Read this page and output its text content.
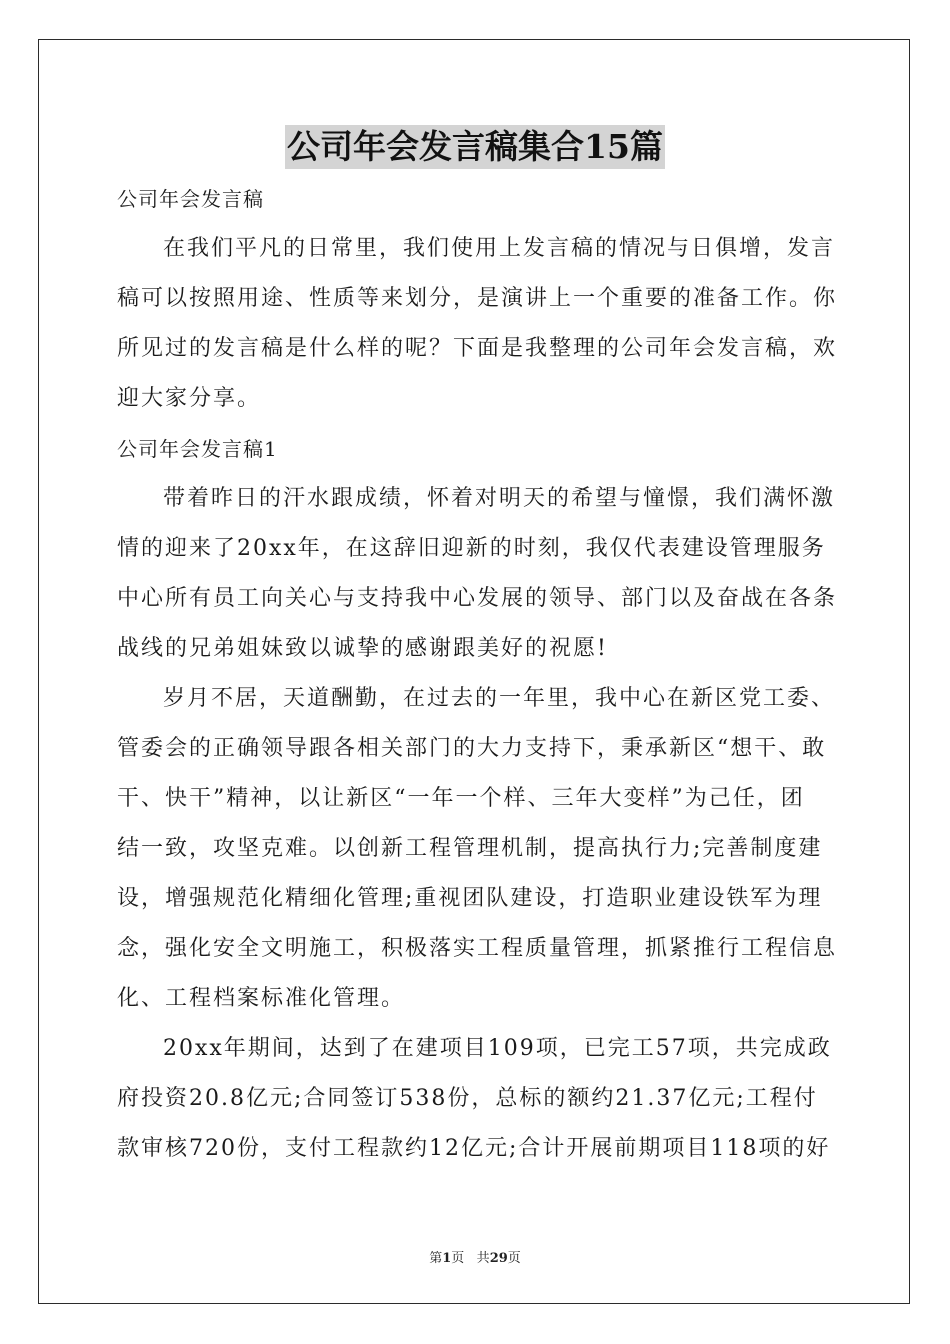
公司年会发言稿集合15篇
公司年会发言稿

在我们平凡的日常里，我们使用上发言稿的情况与日俱增，发言
稿可以按照用途、性质等来划分，是演讲上一个重要的准备工作。你
所见过的发言稿是什么样的呢？下面是我整理的公司年会发言稿，欢
迎大家分享。

公司年会发言稿1

带着昨日的汗水跟成绩，怀着对明天的希望与憧憬，我们满怀激
情的迎来了20xx年，在这辞旧迎新的时刻，我仅代表建设管理服务
中心所有员工向关心与支持我中心发展的领导、部门以及奋战在各条
战线的兄弟姐妹致以诚挚的感谢跟美好的祝愿!

岁月不居，天道酬勤，在过去的一年里，我中心在新区党工委、
管委会的正确领导跟各相关部门的大力支持下，秉承新区“想干、敢
干、快干”精神，以让新区“一年一个样、三年大变样”为己任，团
结一致，攻坚克难。以创新工程管理机制，提高执行力;完善制度建
设，增强规范化精细化管理;重视团队建设，打造职业建设铁军为理
念，强化安全文明施工，积极落实工程质量管理，抓紧推行工程信息
化、工程档案标准化管理。

20xx年期间，达到了在建项目109项，已完工57项，共完成政
府投资20.8亿元;合同签订538份，总标的额约21.37亿元;工程付
款审核720份，支付工程款约12亿元;合计开展前期项目118项的好

第1页 共29页
